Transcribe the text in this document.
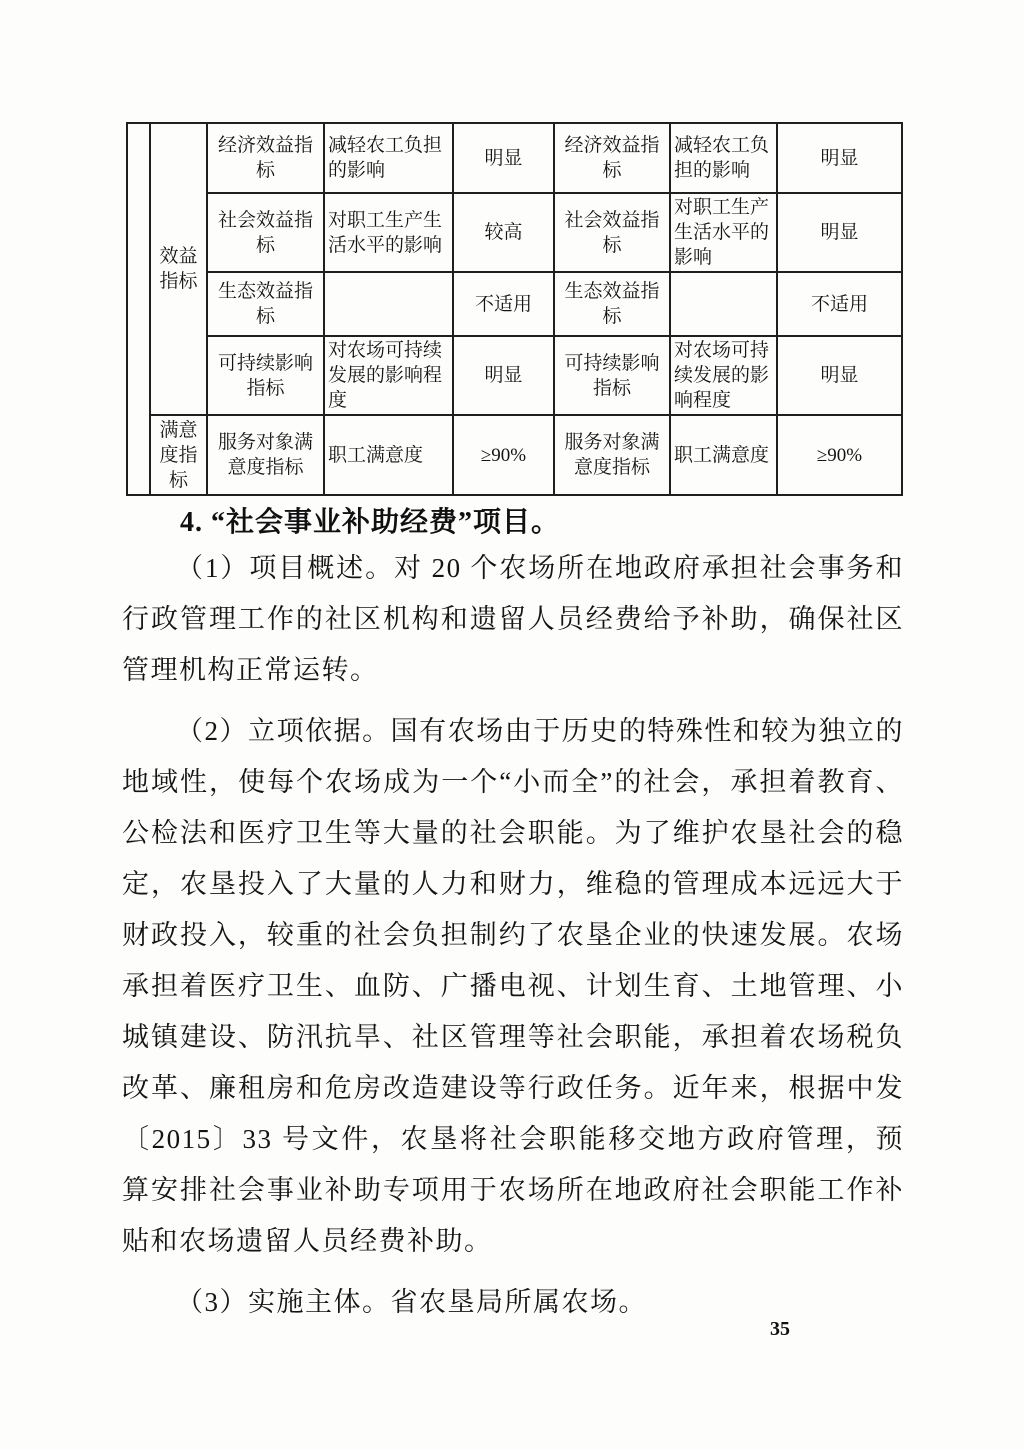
	效益指标	经济效益指标	减轻农工负担的影响	明显	经济效益指标	减轻农工负担的影响	明显
		社会效益指标	对职工生产生活水平的影响	较高	社会效益指标	对职工生产生活水平的影响	明显
		生态效益指标		不适用	生态效益指标		不适用
		可持续影响指标	对农场可持续发展的影响程度	明显	可持续影响指标	对农场可持续发展的影响程度	明显
	满意度指标	服务对象满意度指标	职工满意度	≥90%	服务对象满意度指标	职工满意度	≥90%
4. “社会事业补助经费”项目。

（1）项目概述。对 20 个农场所在地政府承担社会事务和行政管理工作的社区机构和遗留人员经费给予补助，确保社区管理机构正常运转。

（2）立项依据。国有农场由于历史的特殊性和较为独立的地域性，使每个农场成为一个“小而全”的社会，承担着教育、公检法和医疗卫生等大量的社会职能。为了维护农垦社会的稳定，农垦投入了大量的人力和财力，维稳的管理成本远远大于财政投入，较重的社会负担制约了农垦企业的快速发展。农场承担着医疗卫生、血防、广播电视、计划生育、土地管理、小城镇建设、防汛抗旱、社区管理等社会职能，承担着农场税负改革、廉租房和危房改造建设等行政任务。近年来，根据中发〔2015〕33 号文件，农垦将社会职能移交地方政府管理，预算安排社会事业补助专项用于农场所在地政府社会职能工作补贴和农场遗留人员经费补助。

（3）实施主体。省农垦局所属农场。

35
